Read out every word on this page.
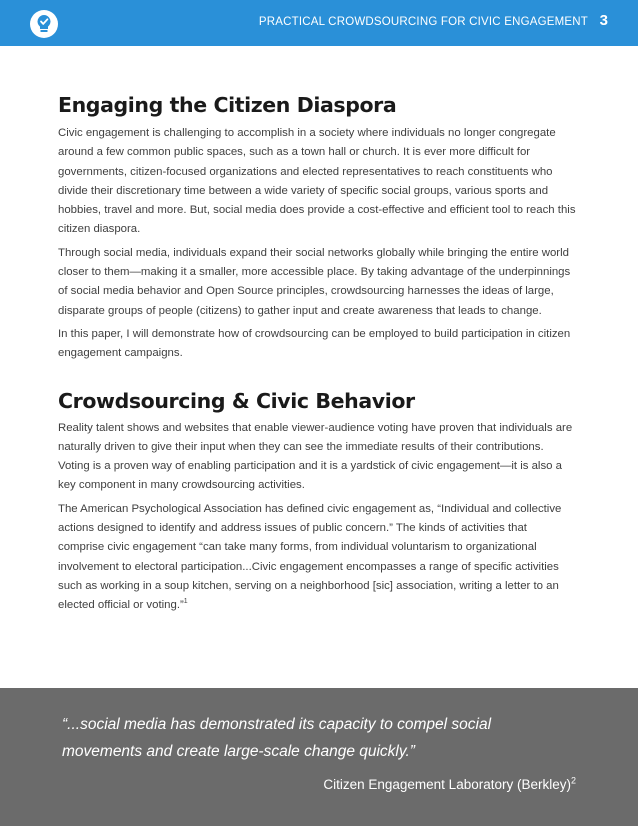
PRACTICAL CROWDSOURCING FOR CIVIC ENGAGEMENT 3
Engaging the Citizen Diaspora

Civic engagement is challenging to accomplish in a society where individuals no longer congregate around a few common public spaces, such as a town hall or church. It is ever more difficult for governments, citizen-focused organizations and elected representatives to reach constituents who divide their discretionary time between a wide variety of specific social groups, various sports and hobbies, travel and more. But, social media does provide a cost-effective and efficient tool to reach this citizen diaspora.

Through social media, individuals expand their social networks globally while bringing the entire world closer to them—making it a smaller, more accessible place. By taking advantage of the underpinnings of social media behavior and Open Source principles, crowdsourcing harnesses the ideas of large, disparate groups of people (citizens) to gather input and create awareness that leads to change.

In this paper, I will demonstrate how of crowdsourcing can be employed to build participation in citizen engagement campaigns.

Crowdsourcing & Civic Behavior

Reality talent shows and websites that enable viewer-audience voting have proven that individuals are naturally driven to give their input when they can see the immediate results of their contributions. Voting is a proven way of enabling participation and it is a yardstick of civic engagement—it is also a key component in many crowdsourcing activities.

The American Psychological Association has defined civic engagement as, “Individual and collective actions designed to identify and address issues of public concern.” The kinds of activities that comprise civic engagement “can take many forms, from individual voluntarism to organizational involvement to electoral participation...Civic engagement encompasses a range of specific activities such as working in a soup kitchen, serving on a neighborhood [sic] association, writing a letter to an elected official or voting.”$^1$

“...social media has demonstrated its capacity to compel social movements and create large-scale change quickly.”
Citizen Engagement Laboratory (Berkley)$^2$
